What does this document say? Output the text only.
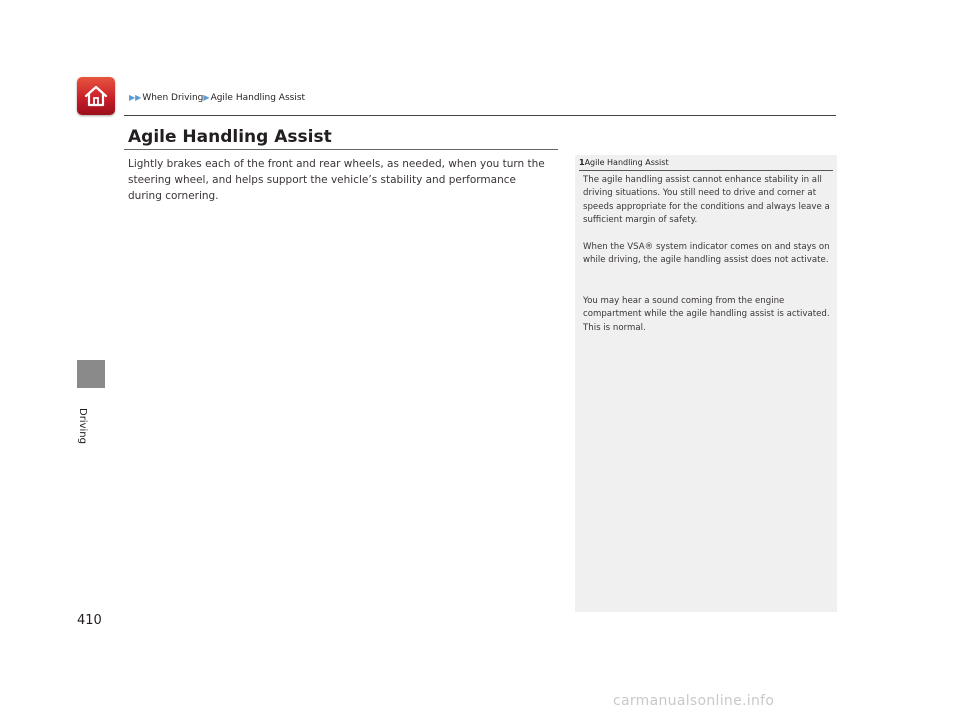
▶▶When Driving▶Agile Handling Assist
Agile Handling Assist

Lightly brakes each of the front and rear wheels, as needed, when you turn the steering wheel, and helps support the vehicle’s stability and performance during cornering.

Driving
1Agile Handling Assist

The agile handling assist cannot enhance stability in all driving situations. You still need to drive and corner at speeds appropriate for the conditions and always leave a sufficient margin of safety.

When the VSA® system indicator comes on and stays on while driving, the agile handling assist does not activate.

You may hear a sound coming from the engine compartment while the agile handling assist is activated. This is normal.

410
carmanualsonline.info
